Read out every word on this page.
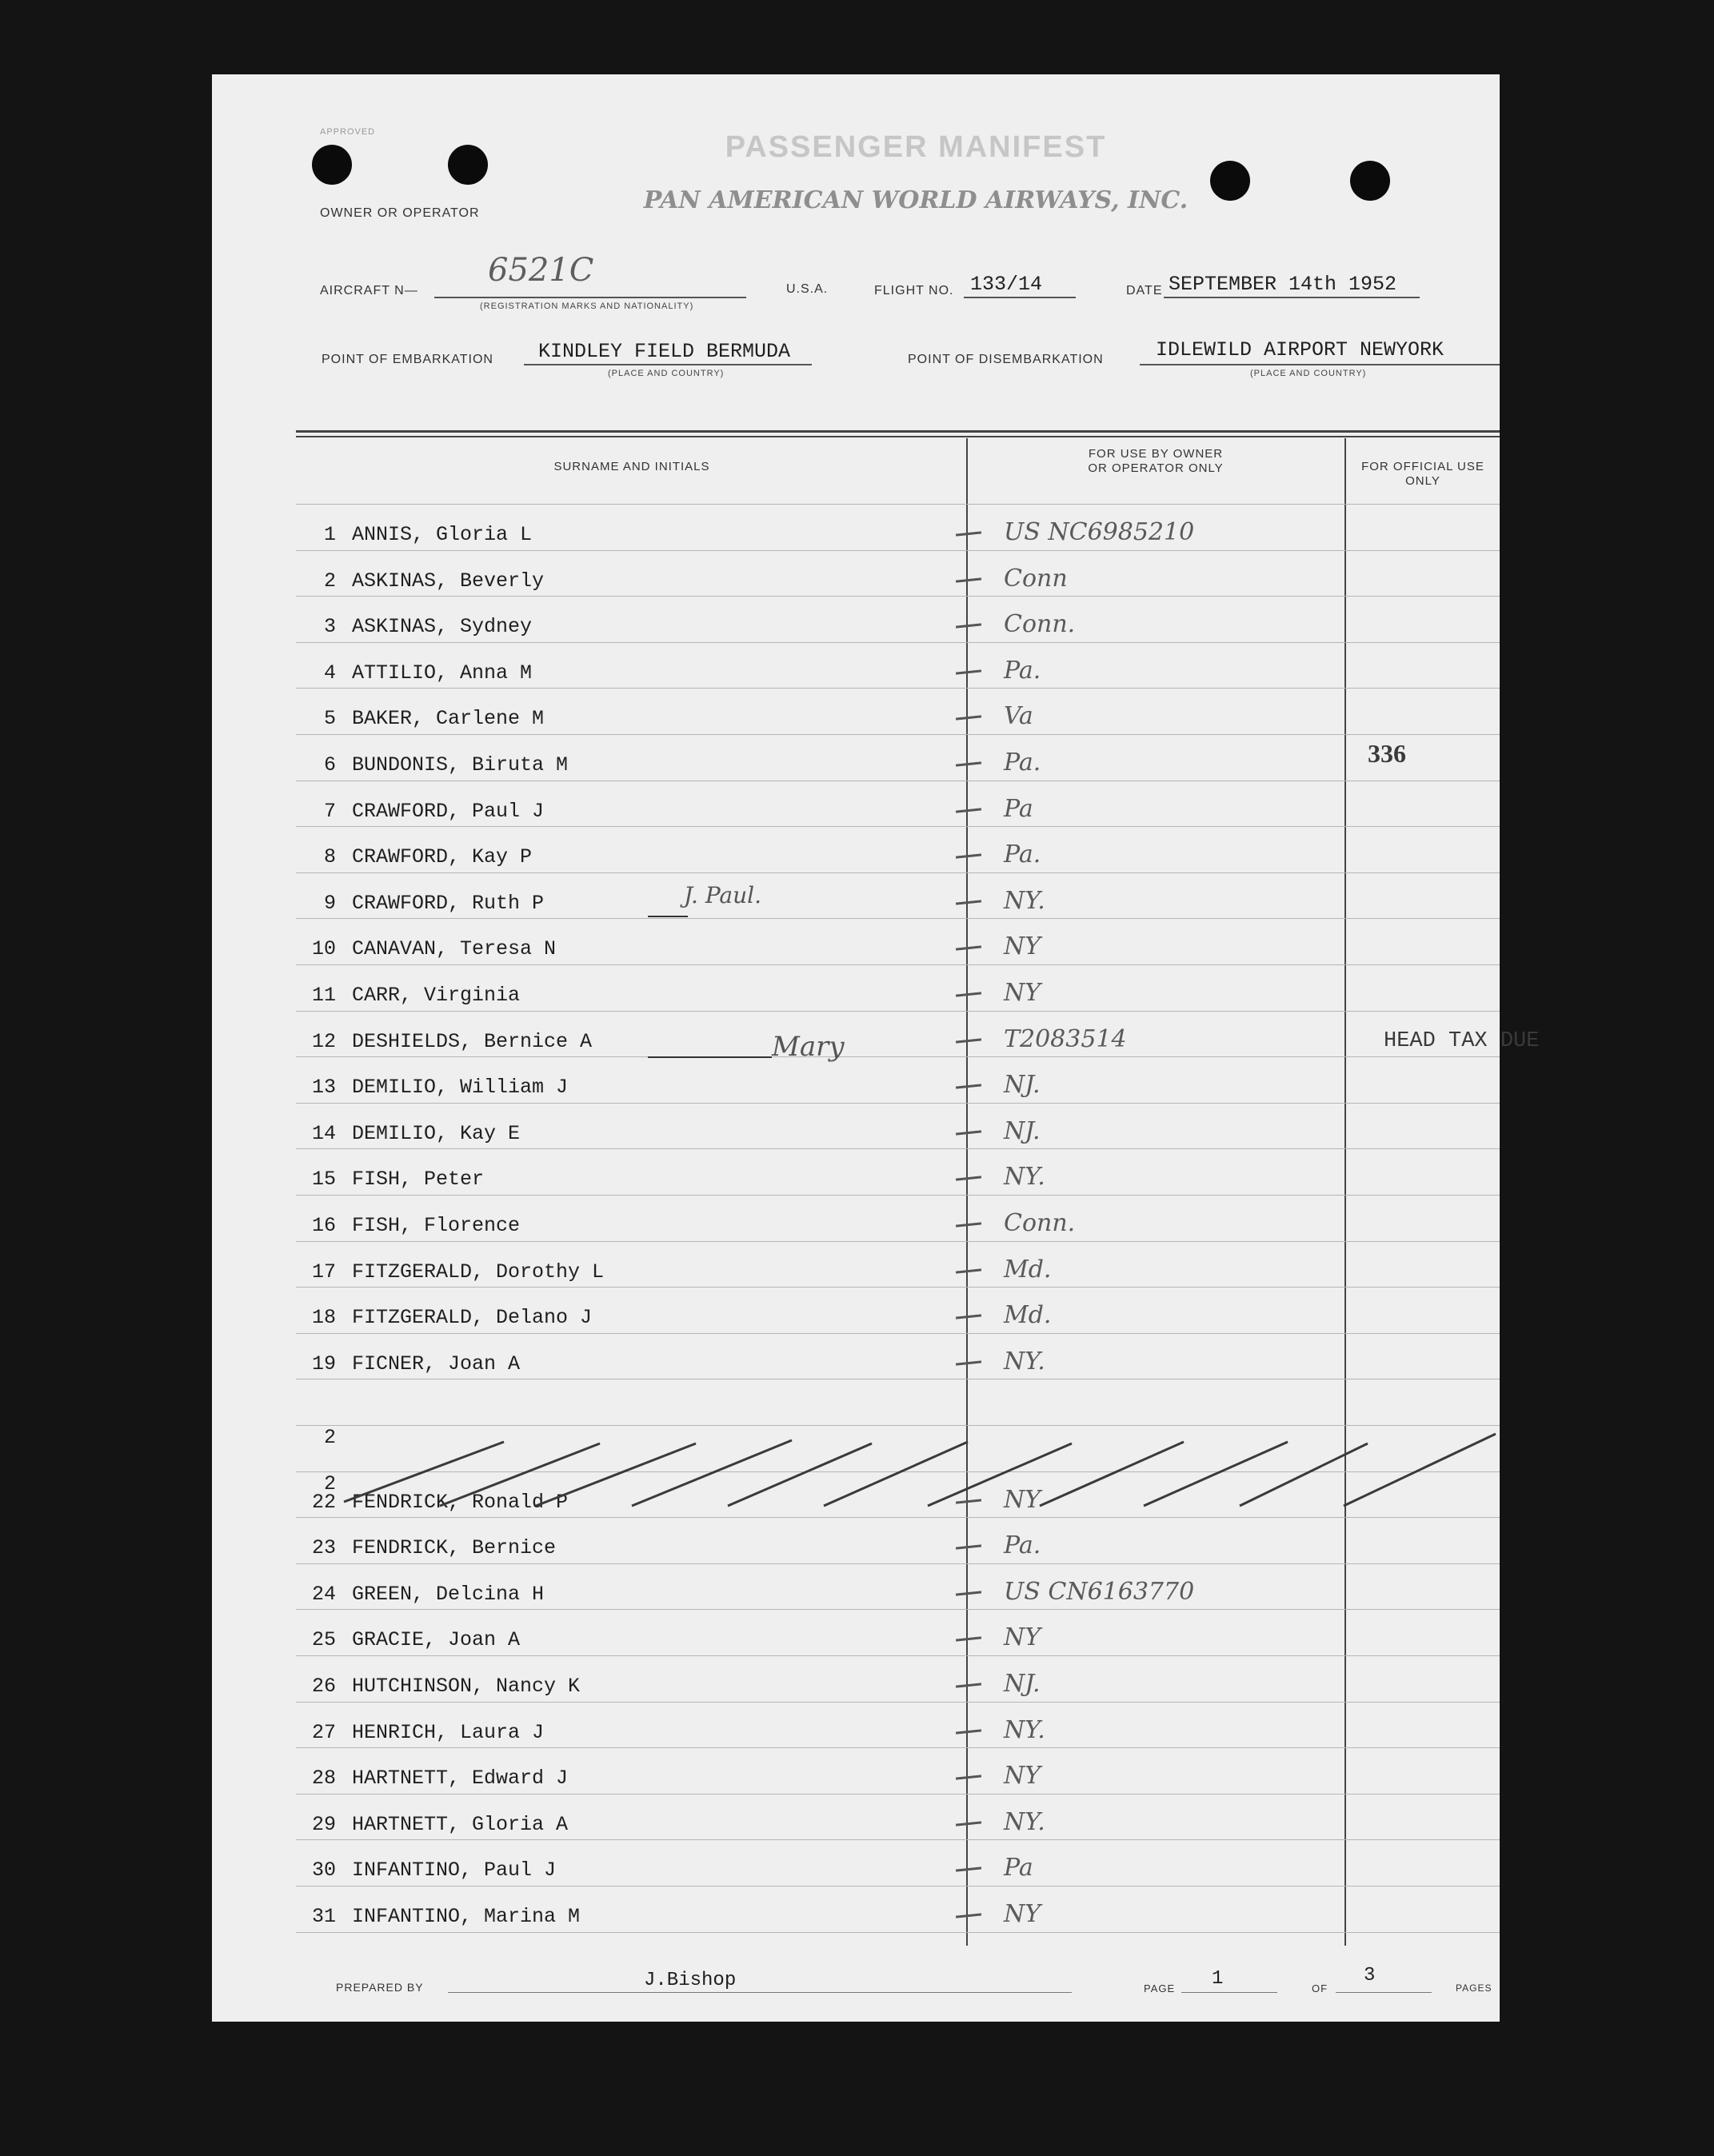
APPROVED	PASSENGER MANIFEST
PAN AMERICAN WORLD AIRWAYS, INC.
OWNER OR OPERATOR
AIRCRAFT N—
6521C
(REGISTRATION MARKS AND NATIONALITY)
U.S.A.	FLIGHT NO. 133/14	DATE SEPTEMBER 14th 1952
POINT OF EMBARKATION KINDLEY FIELD BERMUDA
(PLACE AND COUNTRY)
POINT OF DISEMBARKATION	IDLEWILD AIRPORT NEWYORK
(PLACE AND COUNTRY)
SURNAME AND INITIALS
FOR USE BY OWNER
OR OPERATOR ONLY	FOR OFFICIAL USE ONLY
1 ANNIS, Gloria L	US NC6985210
2 ASKINAS, Beverly	Conn
3 ASKINAS, Sydney	Conn.
4 ATTILIO, Anna M	Pa.
5 BAKER, Carlene M	Va
6 BUNDONIS, Biruta M	Pa.	336
7 CRAWFORD, Paul J	Pa
8 CRAWFORD, Kay P	Pa.
9 CRAWFORD, Ruth P	NY.
10 CANAVAN, Teresa N	NY
11 CARR, Virginia	NY
12 DESHIELDS, Bernice A	T2083514	HEAD TAX DUE
13 DEMILIO, William J	NJ.
14 DEMILIO, Kay E	NJ.
15 FISH, Peter	NY.
16 FISH, Florence	Conn.
17 FITZGERALD, Dorothy L	Md.
18 FITZGERALD, Delano J	Md.
19 FICNER, Joan A	NY.
22 FENDRICK, Ronald P	NY
23 FENDRICK, Bernice	Pa.
24 GREEN, Delcina H	US CN6163770
25 GRACIE, Joan A	NY
26 HUTCHINSON, Nancy K	NJ.
27 HENRICH, Laura J	NY.
28 HARTNETT, Edward J	NY
29 HARTNETT, Gloria A	NY.
30 INFANTINO, Paul J	Pa
31 INFANTINO, Marina M	NY
2
2
J. Paul.
Mary
PREPARED BY	J.Bishop	PAGE 1	OF
3
PAGES
